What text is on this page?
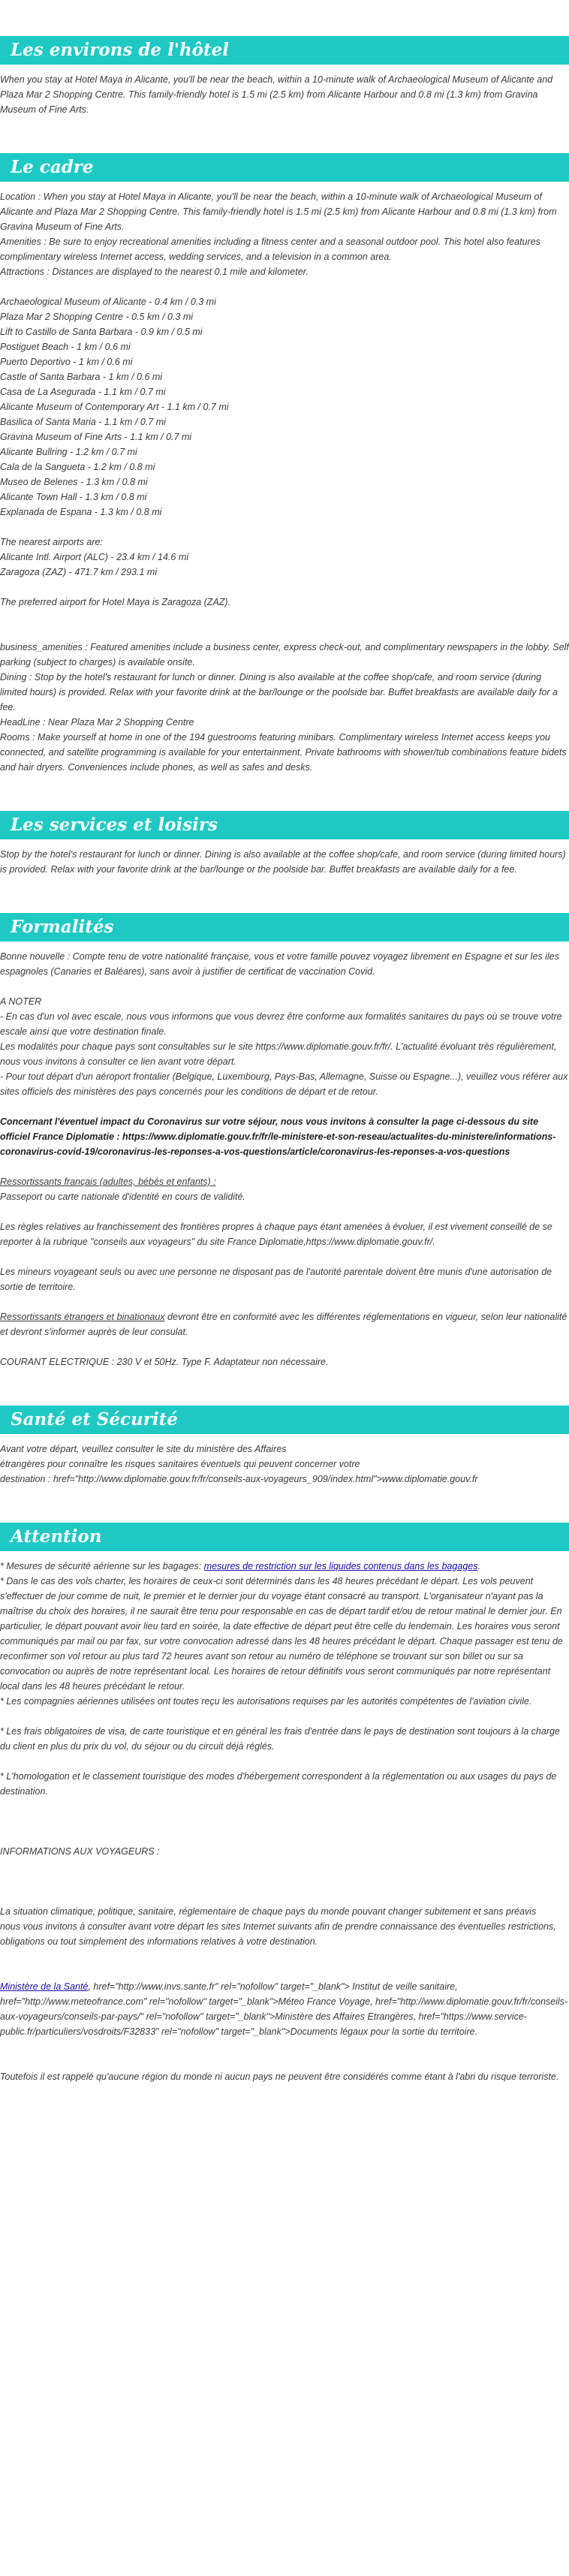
Les environs de l'hôtel

When you stay at Hotel Maya in Alicante, you'll be near the beach, within a 10-minute walk of Archaeological Museum of Alicante and Plaza Mar 2 Shopping Centre. This family-friendly hotel is 1.5 mi (2.5 km) from Alicante Harbour and 0.8 mi (1.3 km) from Gravina Museum of Fine Arts.

Le cadre

Location : When you stay at Hotel Maya in Alicante, you'll be near the beach, within a 10-minute walk of Archaeological Museum of Alicante and Plaza Mar 2 Shopping Centre. This family-friendly hotel is 1.5 mi (2.5 km) from Alicante Harbour and 0.8 mi (1.3 km) from Gravina Museum of Fine Arts.

Amenities : Be sure to enjoy recreational amenities including a fitness center and a seasonal outdoor pool. This hotel also features complimentary wireless Internet access, wedding services, and a television in a common area.

Attractions : Distances are displayed to the nearest 0.1 mile and kilometer.

Archaeological Museum of Alicante - 0.4 km / 0.3 mi
Plaza Mar 2 Shopping Centre - 0.5 km / 0.3 mi
Lift to Castillo de Santa Barbara - 0.9 km / 0.5 mi
Postiguet Beach - 1 km / 0.6 mi
Puerto Deportivo - 1 km / 0.6 mi
Castle of Santa Barbara - 1 km / 0.6 mi
Casa de La Asegurada - 1.1 km / 0.7 mi
Alicante Museum of Contemporary Art - 1.1 km / 0.7 mi
Basilica of Santa Maria - 1.1 km / 0.7 mi
Gravina Museum of Fine Arts - 1.1 km / 0.7 mi
Alicante Bullring - 1.2 km / 0.7 mi
Cala de la Sangueta - 1.2 km / 0.8 mi
Museo de Belenes - 1.3 km / 0.8 mi
Alicante Town Hall - 1.3 km / 0.8 mi
Explanada de Espana - 1.3 km / 0.8 mi
The nearest airports are:
Alicante Intl. Airport (ALC) - 23.4 km / 14.6 mi
Zaragoza (ZAZ) - 471.7 km / 293.1 mi
The preferred airport for Hotel Maya is Zaragoza (ZAZ).

business_amenities : Featured amenities include a business center, express check-out, and complimentary newspapers in the lobby. Self parking (subject to charges) is available onsite.

Dining : Stop by the hotel's restaurant for lunch or dinner. Dining is also available at the coffee shop/cafe, and room service (during limited hours) is provided. Relax with your favorite drink at the bar/lounge or the poolside bar. Buffet breakfasts are available daily for a fee.

HeadLine : Near Plaza Mar 2 Shopping Centre

Rooms : Make yourself at home in one of the 194 guestrooms featuring minibars. Complimentary wireless Internet access keeps you connected, and satellite programming is available for your entertainment. Private bathrooms with shower/tub combinations feature bidets and hair dryers. Conveniences include phones, as well as safes and desks.

Les services et loisirs

Stop by the hotel's restaurant for lunch or dinner. Dining is also available at the coffee shop/cafe, and room service (during limited hours) is provided. Relax with your favorite drink at the bar/lounge or the poolside bar. Buffet breakfasts are available daily for a fee.

Formalités

Bonne nouvelle : Compte tenu de votre nationalité française, vous et votre famille pouvez voyagez librement en Espagne et sur les iles espagnoles (Canaries et Baléares), sans avoir à justifier de certificat de vaccination Covid.

A NOTER

- En cas d'un vol avec escale, nous vous informons que vous devrez être conforme aux formalités sanitaires du pays où se trouve votre escale ainsi que votre destination finale.

Les modalités pour chaque pays sont consultables sur le site https://www.diplomatie.gouv.fr/fr/. L'actualité évoluant très régulièrement, nous vous invitons à consulter ce lien avant votre départ.

- Pour tout départ d'un aéroport frontalier (Belgique, Luxembourg, Pays-Bas, Allemagne, Suisse ou Espagne...), veuillez vous référer aux sites officiels des ministères des pays concernés pour les conditions de départ et de retour.

Concernant l'éventuel impact du Coronavirus sur votre séjour, nous vous invitons à consulter la page ci-dessous du site officiel France Diplomatie : https://www.diplomatie.gouv.fr/fr/le-ministere-et-son-reseau/actualites-du-ministere/informations-coronavirus-covid-19/coronavirus-les-reponses-a-vos-questions/article/coronavirus-les-reponses-a-vos-questions

Ressortissants français (adultes, bébés et enfants) :
Passeport ou carte nationale d'identité en cours de validité.

Les règles relatives au franchissement des frontières propres à chaque pays étant amenées à évoluer, il est vivement conseillé de se reporter à la rubrique "conseils aux voyageurs" du site France Diplomatie,https://www.diplomatie.gouv.fr/.

Les mineurs voyageant seuls ou avec une personne ne disposant pas de l'autorité parentale doivent être munis d'une autorisation de sortie de territoire.

Ressortissants étrangers et binationaux devront être en conformité avec les différentes réglementations en vigueur, selon leur nationalité et devront s'informer auprès de leur consulat.

COURANT ELECTRIQUE : 230 V et 50Hz. Type F. Adaptateur non nécessaire.
Santé et Sécurité
Avant votre départ, veuillez consulter le site du ministère des Affaires
étrangères pour connaître les risques sanitaires éventuels qui peuvent concerner votre
destination : href="http://www.diplomatie.gouv.fr/fr/conseils-aux-voyageurs_909/index.html">www.diplomatie.gouv.fr
Attention

* Mesures de sécurité aérienne sur les bagages: mesures de restriction sur les liquides contenus dans les bagages.

* Dans le cas des vols charter, les horaires de ceux-ci sont déterminés dans les 48 heures précédant le départ. Les vols peuvent s'effectuer de jour comme de nuit, le premier et le dernier jour du voyage étant consacré au transport. L'organisateur n'ayant pas la maîtrise du choix des horaires, il ne saurait être tenu pour responsable en cas de départ tardif et/ou de retour matinal le dernier jour. En particulier, le départ pouvant avoir lieu tard en soirée, la date effective de départ peut être celle du lendemain. Les horaires vous seront communiqués par mail ou par fax, sur votre convocation adressé dans les 48 heures précédant le départ. Chaque passager est tenu de reconfirmer son vol retour au plus tard 72 heures avant son retour au numéro de téléphone se trouvant sur son billet ou sur sa convocation ou auprès de notre représentant local. Les horaires de retour définitifs vous seront communiqués par notre représentant local dans les 48 heures précédant le retour.

* Les compagnies aériennes utilisées ont toutes reçu les autorisations requises par les autorités compétentes de l'aviation civile.

* Les frais obligatoires de visa, de carte touristique et en général les frais d'entrée dans le pays de destination sont toujours à la charge du client en plus du prix du vol, du séjour ou du circuit déjà réglés.

* L'homologation et le classement touristique des modes d'hébergement correspondent à la réglementation ou aux usages du pays de destination.

INFORMATIONS AUX VOYAGEURS :

La situation climatique, politique, sanitaire, réglementaire de chaque pays du monde pouvant changer subitement et sans préavis

nous vous invitons à consulter avant votre départ les sites Internet suivants afin de prendre connaissance des éventuelles restrictions, obligations ou tout simplement des informations relatives à votre destination.

Ministère de la Santé, href="http://www.invs.sante.fr" rel="nofollow" target="_blank"> Institut de veille sanitaire, href="http://www.meteofrance.com" rel="nofollow" target="_blank">Méteo France Voyage, href="http://www.diplomatie.gouv.fr/fr/conseils-aux-voyageurs/conseils-par-pays/" rel="nofollow" target="_blank">Ministère des Affaires Etrangères, href="https://www.service-public.fr/particuliers/vosdroits/F32833" rel="nofollow" target="_blank">Documents légaux pour la sortie du territoire.

Toutefois il est rappelé qu'aucune région du monde ni aucun pays ne peuvent être considérés comme étant à l'abri du risque terroriste.
